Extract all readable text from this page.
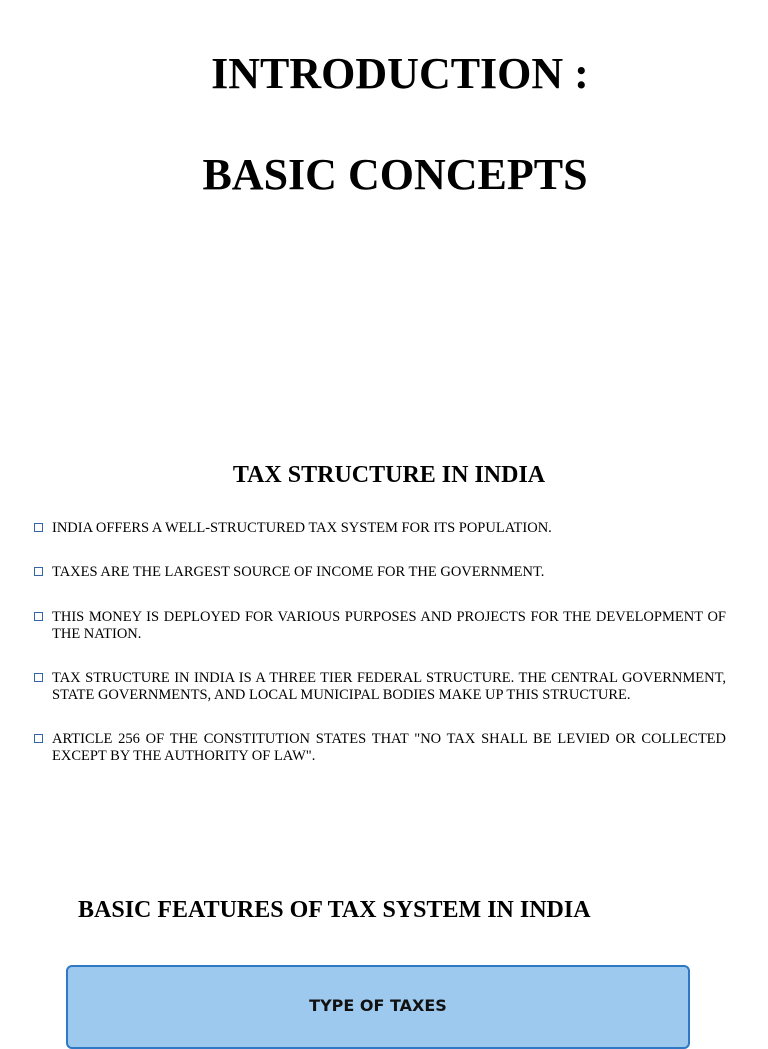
INTRODUCTION :
BASIC CONCEPTS
TAX STRUCTURE IN INDIA
INDIA OFFERS A WELL-STRUCTURED TAX SYSTEM FOR ITS POPULATION.
TAXES ARE THE LARGEST SOURCE OF INCOME FOR THE GOVERNMENT.
THIS MONEY IS DEPLOYED FOR VARIOUS PURPOSES AND PROJECTS FOR THE DEVELOPMENT OF THE NATION.
TAX STRUCTURE IN INDIA IS A THREE TIER FEDERAL STRUCTURE. THE CENTRAL GOVERNMENT, STATE GOVERNMENTS, AND LOCAL MUNICIPAL BODIES MAKE UP THIS STRUCTURE.
ARTICLE 256 OF THE CONSTITUTION STATES THAT "NO TAX SHALL BE LEVIED OR COLLECTED EXCEPT BY THE AUTHORITY OF LAW".
BASIC FEATURES OF TAX SYSTEM IN INDIA
TYPE OF TAXES
